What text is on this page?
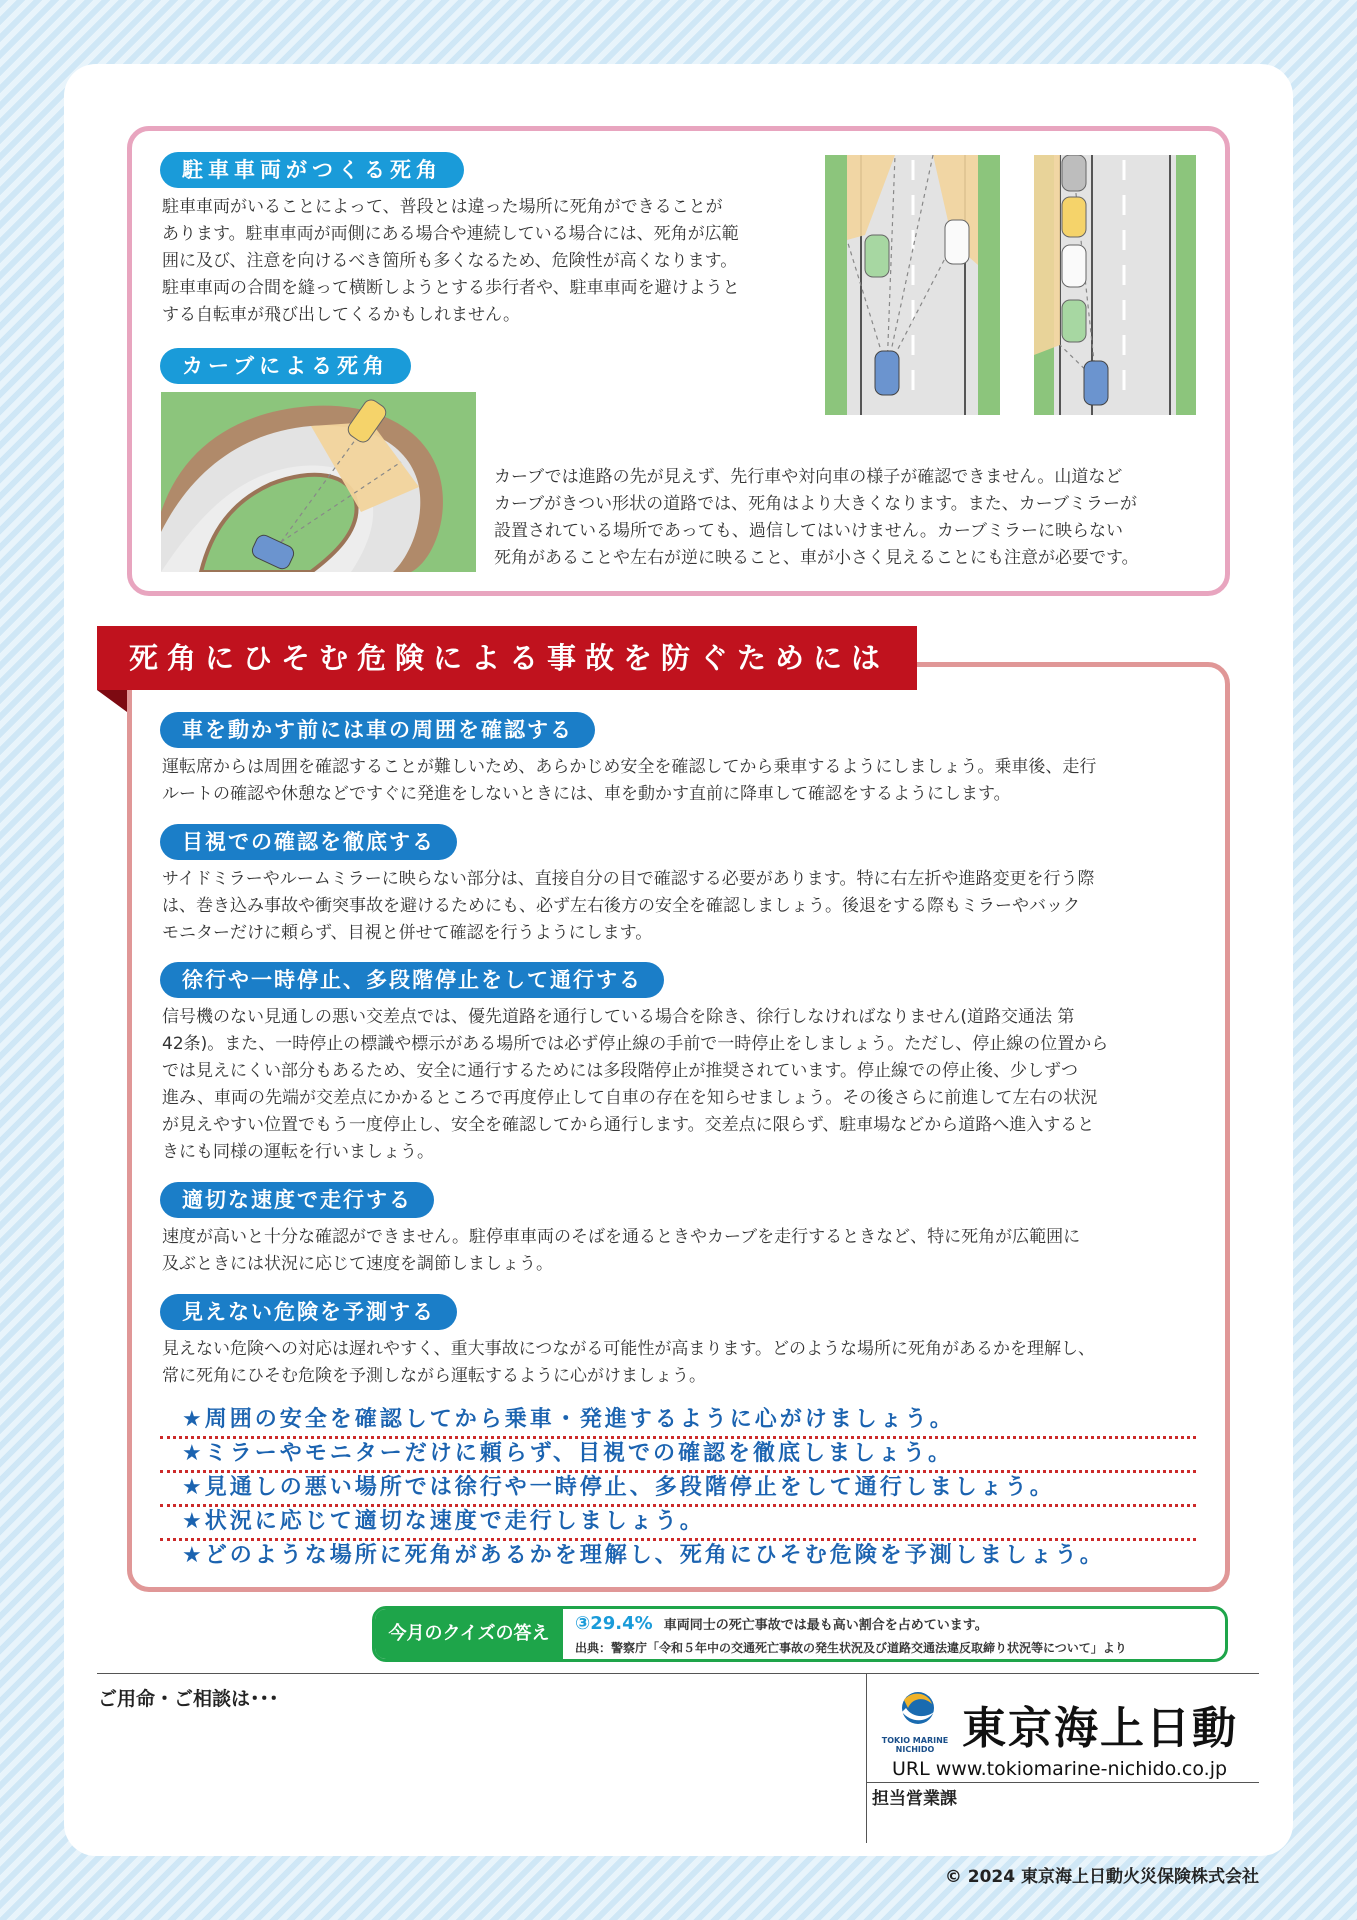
駐車車両がつくる死角
駐車車両がいることによって、普段とは違った場所に死角ができることが
あります。駐車車両が両側にある場合や連続している場合には、死角が広範
囲に及び、注意を向けるべき箇所も多くなるため、危険性が高くなります。
駐車車両の合間を縫って横断しようとする歩行者や、駐車車両を避けようと
する自転車が飛び出してくるかもしれません。
カーブによる死角
カーブでは進路の先が見えず、先行車や対向車の様子が確認できません。山道など
カーブがきつい形状の道路では、死角はより大きくなります。また、カーブミラーが
設置されている場所であっても、過信してはいけません。カーブミラーに映らない
死角があることや左右が逆に映ること、車が小さく見えることにも注意が必要です。
死角にひそむ危険による事故を防ぐためには
車を動かす前には車の周囲を確認する
運転席からは周囲を確認することが難しいため、あらかじめ安全を確認してから乗車するようにしましょう。乗車後、走行
ルートの確認や休憩などですぐに発進をしないときには、車を動かす直前に降車して確認をするようにします。
目視での確認を徹底する
サイドミラーやルームミラーに映らない部分は、直接自分の目で確認する必要があります。特に右左折や進路変更を行う際
は、巻き込み事故や衝突事故を避けるためにも、必ず左右後方の安全を確認しましょう。後退をする際もミラーやバック
モニターだけに頼らず、目視と併せて確認を行うようにします。
徐行や一時停止、多段階停止をして通行する
信号機のない見通しの悪い交差点では、優先道路を通行している場合を除き、徐行しなければなりません(道路交通法 第
42条)。また、一時停止の標識や標示がある場所では必ず停止線の手前で一時停止をしましょう。ただし、停止線の位置から
では見えにくい部分もあるため、安全に通行するためには多段階停止が推奨されています。停止線での停止後、少しずつ
進み、車両の先端が交差点にかかるところで再度停止して自車の存在を知らせましょう。その後さらに前進して左右の状況
が見えやすい位置でもう一度停止し、安全を確認してから通行します。交差点に限らず、駐車場などから道路へ進入すると
きにも同様の運転を行いましょう。
適切な速度で走行する
速度が高いと十分な確認ができません。駐停車車両のそばを通るときやカーブを走行するときなど、特に死角が広範囲に
及ぶときには状況に応じて速度を調節しましょう。
見えない危険を予測する
見えない危険への対応は遅れやすく、重大事故につながる可能性が高まります。どのような場所に死角があるかを理解し、
常に死角にひそむ危険を予測しながら運転するように心がけましょう。
★周囲の安全を確認してから乗車・発進するように心がけましょう。
★ミラーやモニターだけに頼らず、目視での確認を徹底しましょう。
★見通しの悪い場所では徐行や一時停止、多段階停止をして通行しましょう。
★状況に応じて適切な速度で走行しましょう。
★どのような場所に死角があるかを理解し、死角にひそむ危険を予測しましょう。
今月のクイズの答え	③29.4% 車両同士の死亡事故では最も高い割合を占めています。
出典：警察庁「令和５年中の交通死亡事故の発生状況及び道路交通法違反取締り状況等について」より
ご用命・ご相談は･･･
TOKIO MARINE
NICHIDO 東京海上日動
URL www.tokiomarine-nichido.co.jp
担当営業課
© 2024 東京海上日動火災保険株式会社
